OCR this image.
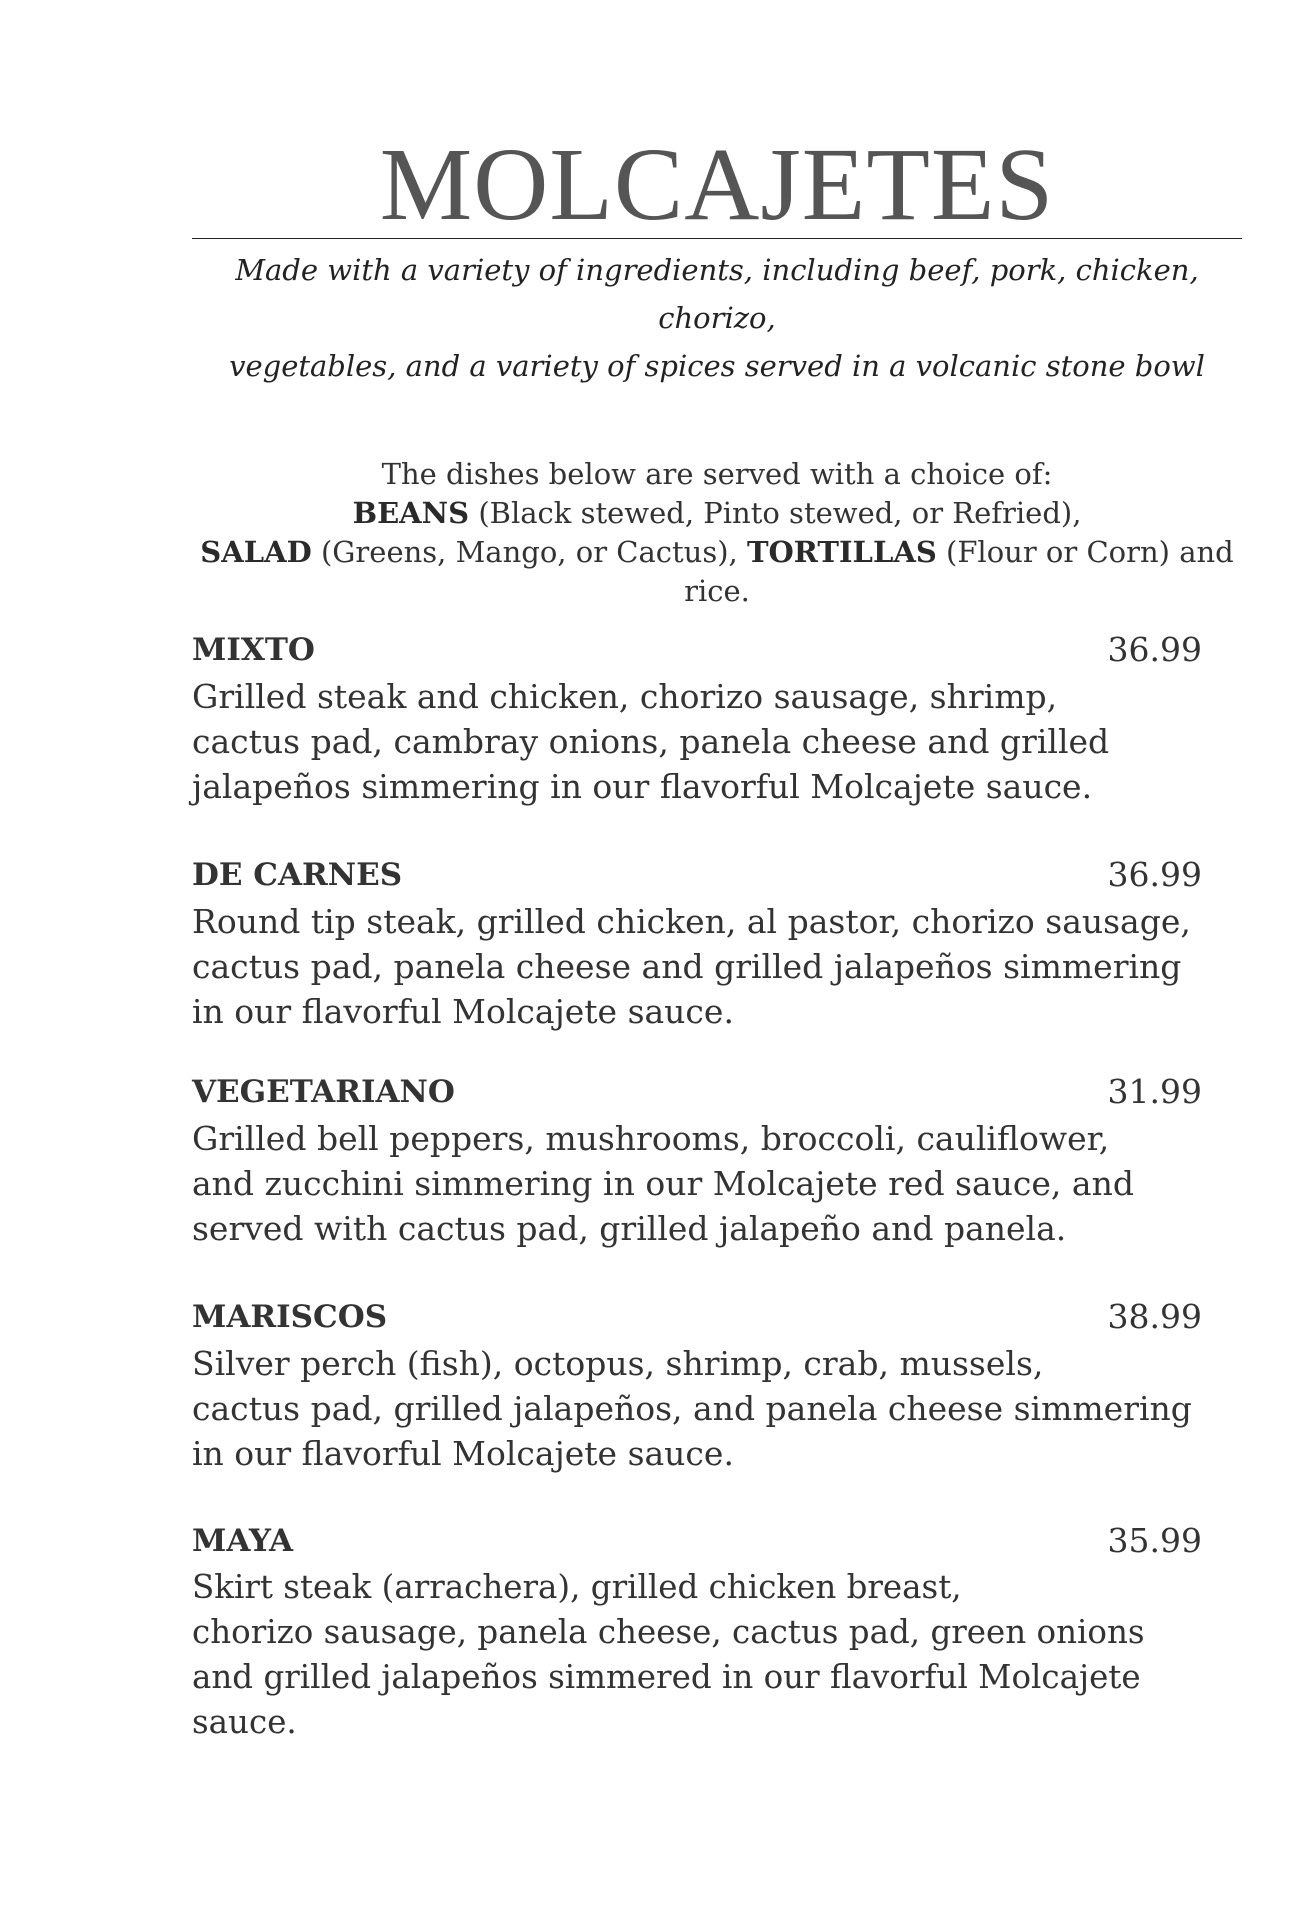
MOLCAJETES
Made with a variety of ingredients, including beef, pork, chicken, chorizo,
vegetables, and a variety of spices served in a volcanic stone bowl
The dishes below are served with a choice of:
BEANS (Black stewed, Pinto stewed, or Refried),
SALAD (Greens, Mango, or Cactus), TORTILLAS (Flour or Corn) and rice.
MIXTO	36.99
Grilled steak and chicken, chorizo sausage, shrimp,
cactus pad, cambray onions, panela cheese and grilled
jalapeños simmering in our flavorful Molcajete sauce.
DE CARNES	36.99
Round tip steak, grilled chicken, al pastor, chorizo sausage,
cactus pad, panela cheese and grilled jalapeños simmering
in our flavorful Molcajete sauce.
VEGETARIANO	31.99
Grilled bell peppers, mushrooms, broccoli, cauliflower,
and zucchini simmering in our Molcajete red sauce, and
served with cactus pad, grilled jalapeño and panela.
MARISCOS	38.99
Silver perch (fish), octopus, shrimp, crab, mussels,
cactus pad, grilled jalapeños, and panela cheese simmering
in our flavorful Molcajete sauce.
MAYA	35.99
Skirt steak (arrachera), grilled chicken breast,
chorizo sausage, panela cheese, cactus pad, green onions
and grilled jalapeños simmered in our flavorful Molcajete sauce.
